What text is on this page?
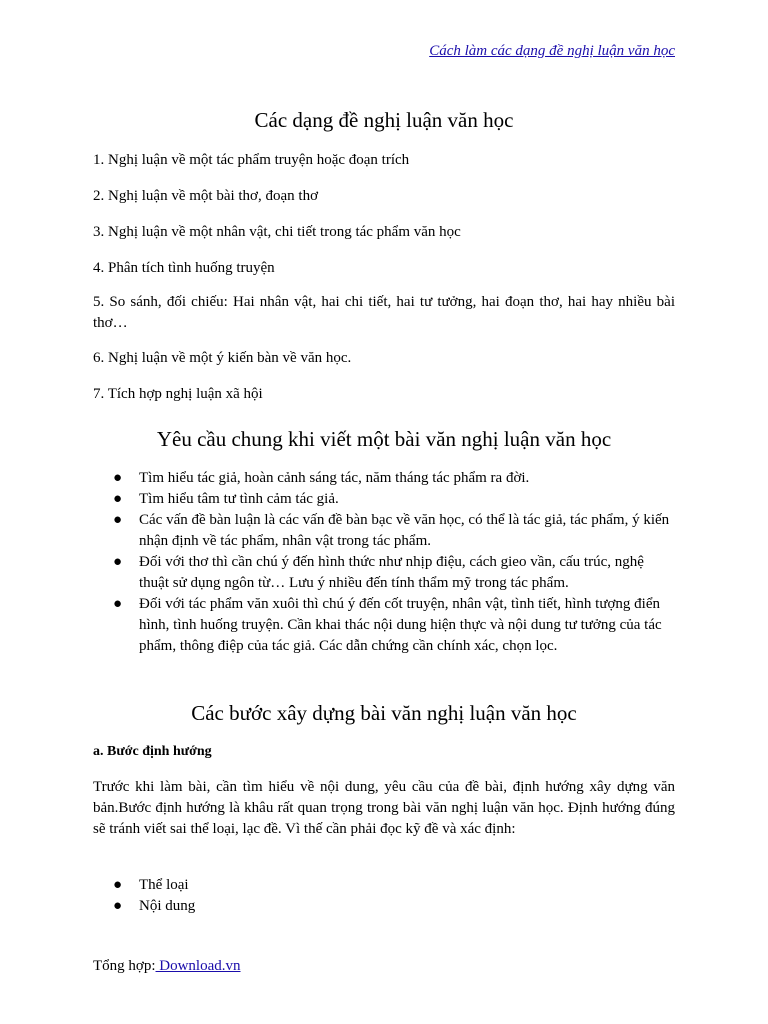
Cách làm các dạng đề nghị luận văn học
Các dạng đề nghị luận văn học
1. Nghị luận về một tác phẩm truyện hoặc đoạn trích
2. Nghị luận về một bài thơ, đoạn thơ
3. Nghị luận về một nhân vật, chi tiết trong tác phẩm văn học
4. Phân tích tình huống truyện
5. So sánh, đối chiếu: Hai nhân vật, hai chi tiết, hai tư tưởng, hai đoạn thơ, hai hay nhiều bài thơ…
6. Nghị luận về một ý kiến bàn về văn học.
7. Tích hợp nghị luận xã hội
Yêu cầu chung khi viết một bài văn nghị luận văn học
● Tìm hiểu tác giả, hoàn cảnh sáng tác, năm tháng tác phẩm ra đời.
● Tìm hiểu tâm tư tình cảm tác giả.
● Các vấn đề bàn luận là các vấn đề bàn bạc về văn học, có thể là tác giả, tác phẩm, ý kiến nhận định về tác phẩm, nhân vật trong tác phẩm.
● Đối với thơ thì cần chú ý đến hình thức như nhịp điệu, cách gieo vần, cấu trúc, nghệ thuật sử dụng ngôn từ… Lưu ý nhiều đến tính thẩm mỹ trong tác phẩm.
● Đối với tác phẩm văn xuôi thì chú ý đến cốt truyện, nhân vật, tình tiết, hình tượng điển hình, tình huống truyện. Cần khai thác nội dung hiện thực và nội dung tư tưởng của tác phẩm, thông điệp của tác giả. Các dẫn chứng cần chính xác, chọn lọc.
Các bước xây dựng bài văn nghị luận văn học
a. Bước định hướng
Trước khi làm bài, cần tìm hiểu về nội dung, yêu cầu của đề bài, định hướng xây dựng văn bản.Bước định hướng là khâu rất quan trọng trong bài văn nghị luận văn học. Định hướng đúng sẽ tránh viết sai thể loại, lạc đề. Vì thế cần phải đọc kỹ đề và xác định:
● Thể loại
● Nội dung
Tổng hợp: Download.vn
